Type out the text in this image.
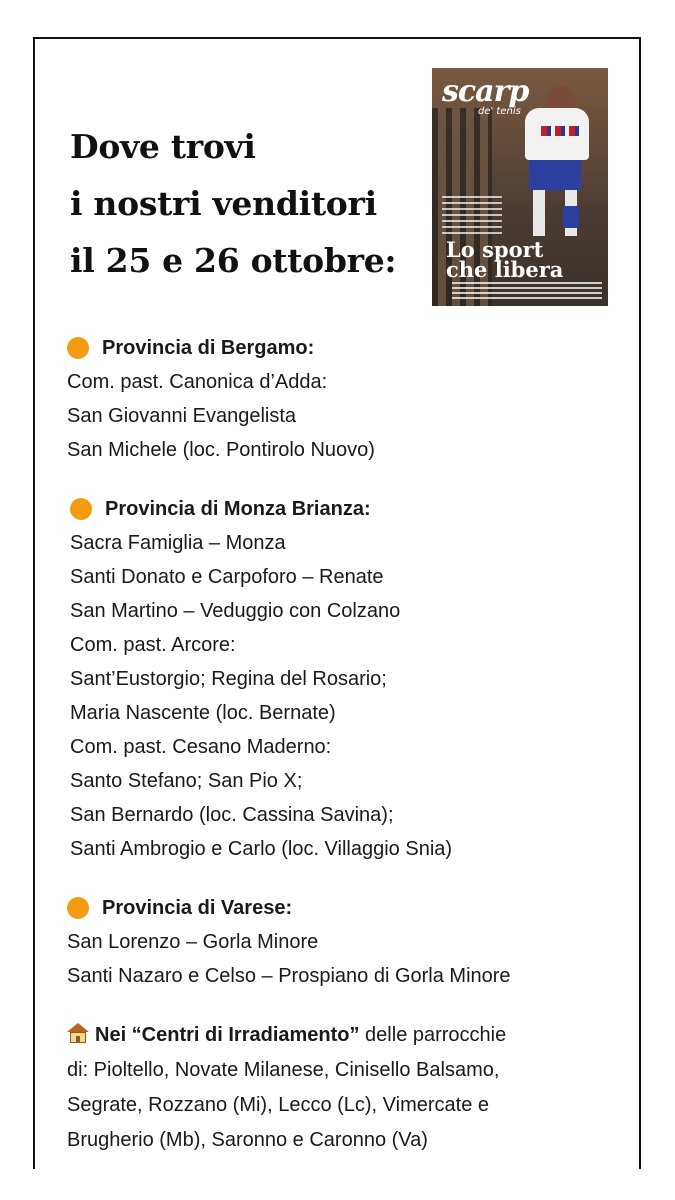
Dove trovi
i nostri venditori
il 25 e 26 ottobre:
scarp
de' tenis
Lo sport
che libera
Provincia di Bergamo:
Com. past. Canonica d’Adda:
San Giovanni Evangelista
San Michele (loc. Pontirolo Nuovo)
Provincia di Monza Brianza:
Sacra Famiglia – Monza
Santi Donato e Carpoforo – Renate
San Martino – Veduggio con Colzano
Com. past. Arcore:
Sant’Eustorgio; Regina del Rosario;
Maria Nascente (loc. Bernate)
Com. past. Cesano Maderno:
Santo Stefano; San Pio X;
San Bernardo (loc. Cassina Savina);
Santi Ambrogio e Carlo (loc. Villaggio Snia)
Provincia di Varese:
San Lorenzo – Gorla Minore
Santi Nazaro e Celso – Prospiano di Gorla Minore
Nei “Centri di Irradiamento” delle parrocchie
di: Pioltello, Novate Milanese, Cinisello Balsamo,
Segrate, Rozzano (Mi), Lecco (Lc), Vimercate e
Brugherio (Mb), Saronno e Caronno (Va)
